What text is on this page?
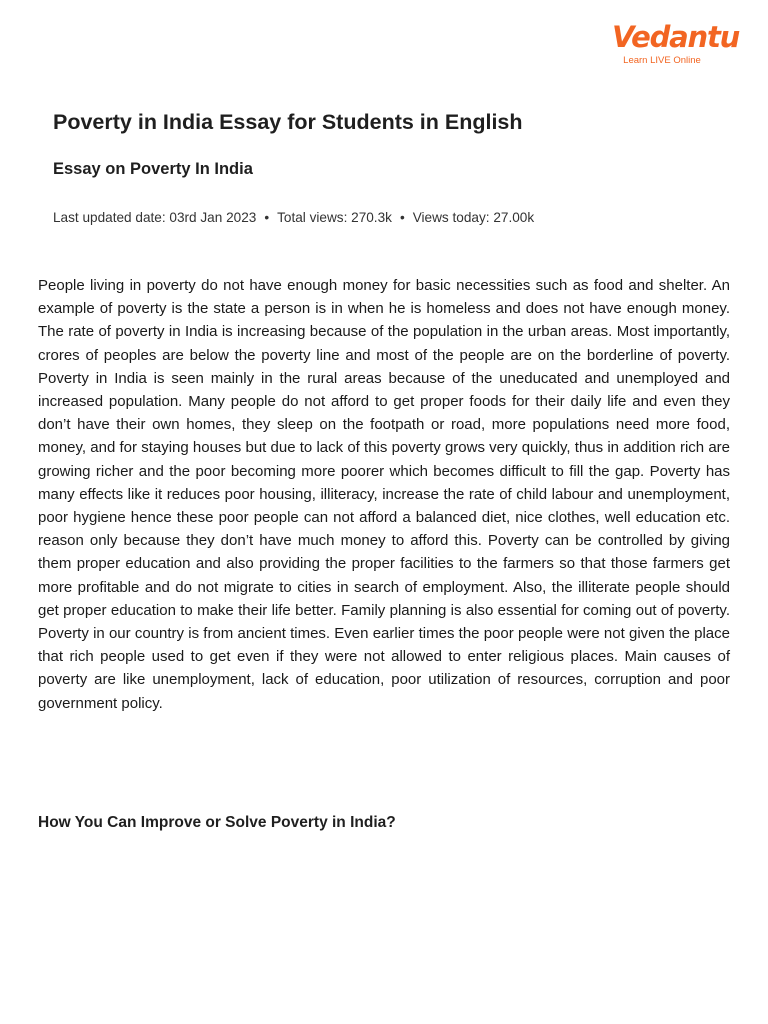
Vedantu
Learn LIVE Online
Poverty in India Essay for Students in English
Essay on Poverty In India

Last updated date: 03rd Jan 2023 • Total views: 270.3k • Views today: 27.00k

People living in poverty do not have enough money for basic necessities such as food and shelter. An example of poverty is the state a person is in when he is homeless and does not have enough money. The rate of poverty in India is increasing because of the population in the urban areas. Most importantly, crores of peoples are below the poverty line and most of the people are on the borderline of poverty. Poverty in India is seen mainly in the rural areas because of the uneducated and unemployed and increased population. Many people do not afford to get proper foods for their daily life and even they don’t have their own homes, they sleep on the footpath or road, more populations need more food, money, and for staying houses but due to lack of this poverty grows very quickly, thus in addition rich are growing richer and the poor becoming more poorer which becomes difficult to fill the gap. Poverty has many effects like it reduces poor housing, illiteracy, increase the rate of child labour and unemployment, poor hygiene hence these poor people can not afford a balanced diet, nice clothes, well education etc. reason only because they don’t have much money to afford this. Poverty can be controlled by giving them proper education and also providing the proper facilities to the farmers so that those farmers get more profitable and do not migrate to cities in search of employment. Also, the illiterate people should get proper education to make their life better. Family planning is also essential for coming out of poverty. Poverty in our country is from ancient times. Even earlier times the poor people were not given the place that rich people used to get even if they were not allowed to enter religious places. Main causes of poverty are like unemployment, lack of education, poor utilization of resources, corruption and poor government policy.

How You Can Improve or Solve Poverty in India?
